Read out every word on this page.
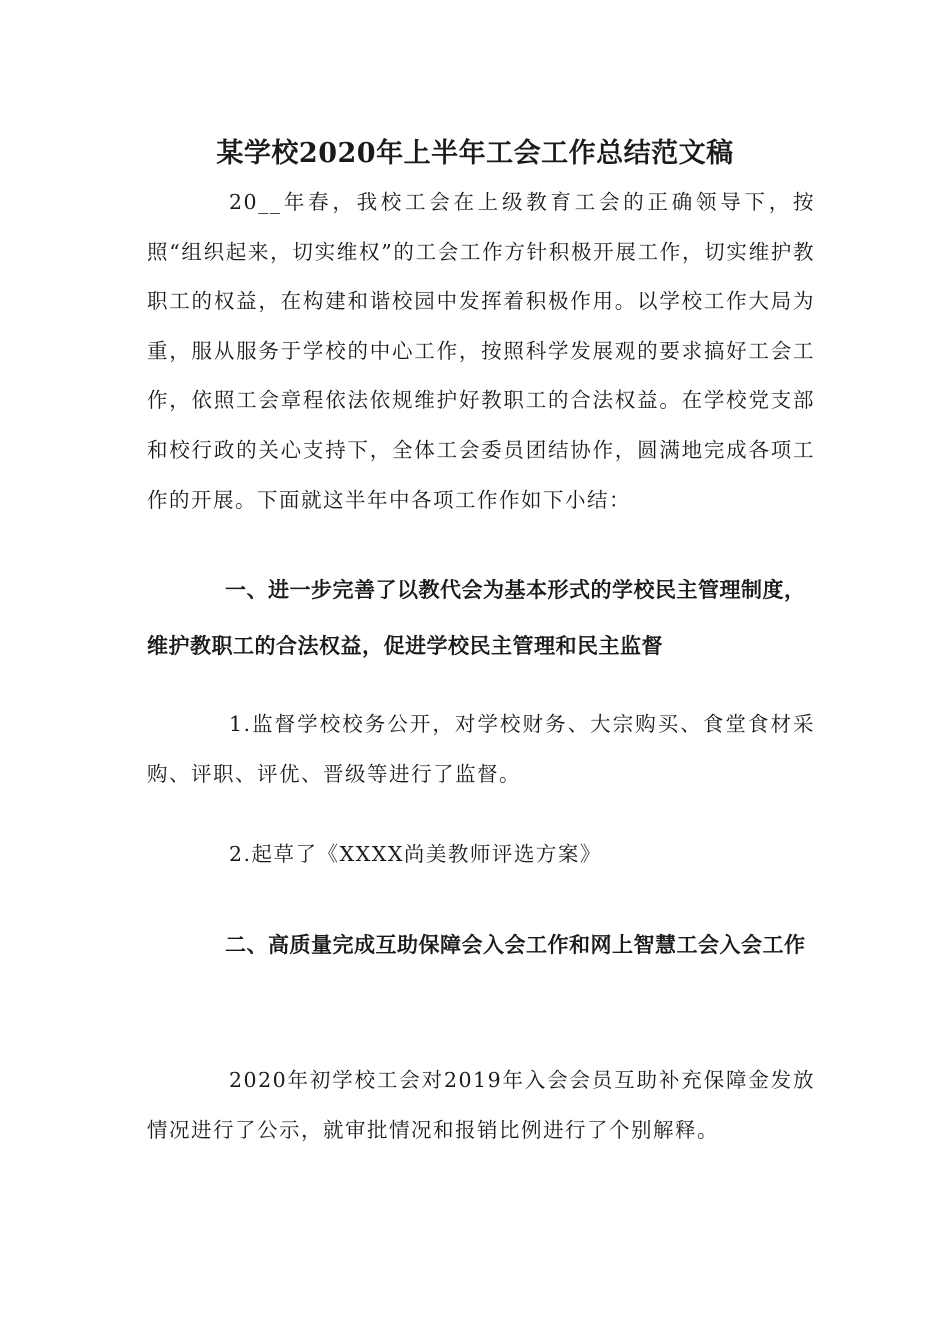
某学校2020年上半年工会工作总结范文稿

20__年春，我校工会在上级教育工会的正确领导下，按照“组织起来，切实维权”的工会工作方针积极开展工作，切实维护教职工的权益，在构建和谐校园中发挥着积极作用。以学校工作大局为重，服从服务于学校的中心工作，按照科学发展观的要求搞好工会工作，依照工会章程依法依规维护好教职工的合法权益。在学校党支部和校行政的关心支持下，全体工会委员团结协作，圆满地完成各项工作的开展。下面就这半年中各项工作作如下小结：

一、进一步完善了以教代会为基本形式的学校民主管理制度，维护教职工的合法权益，促进学校民主管理和民主监督

1.监督学校校务公开，对学校财务、大宗购买、食堂食材采购、评职、评优、晋级等进行了监督。

2.起草了《XXXX尚美教师评选方案》

二、高质量完成互助保障会入会工作和网上智慧工会入会工作

2020年初学校工会对2019年入会会员互助补充保障金发放情况进行了公示，就审批情况和报销比例进行了个别解释。
